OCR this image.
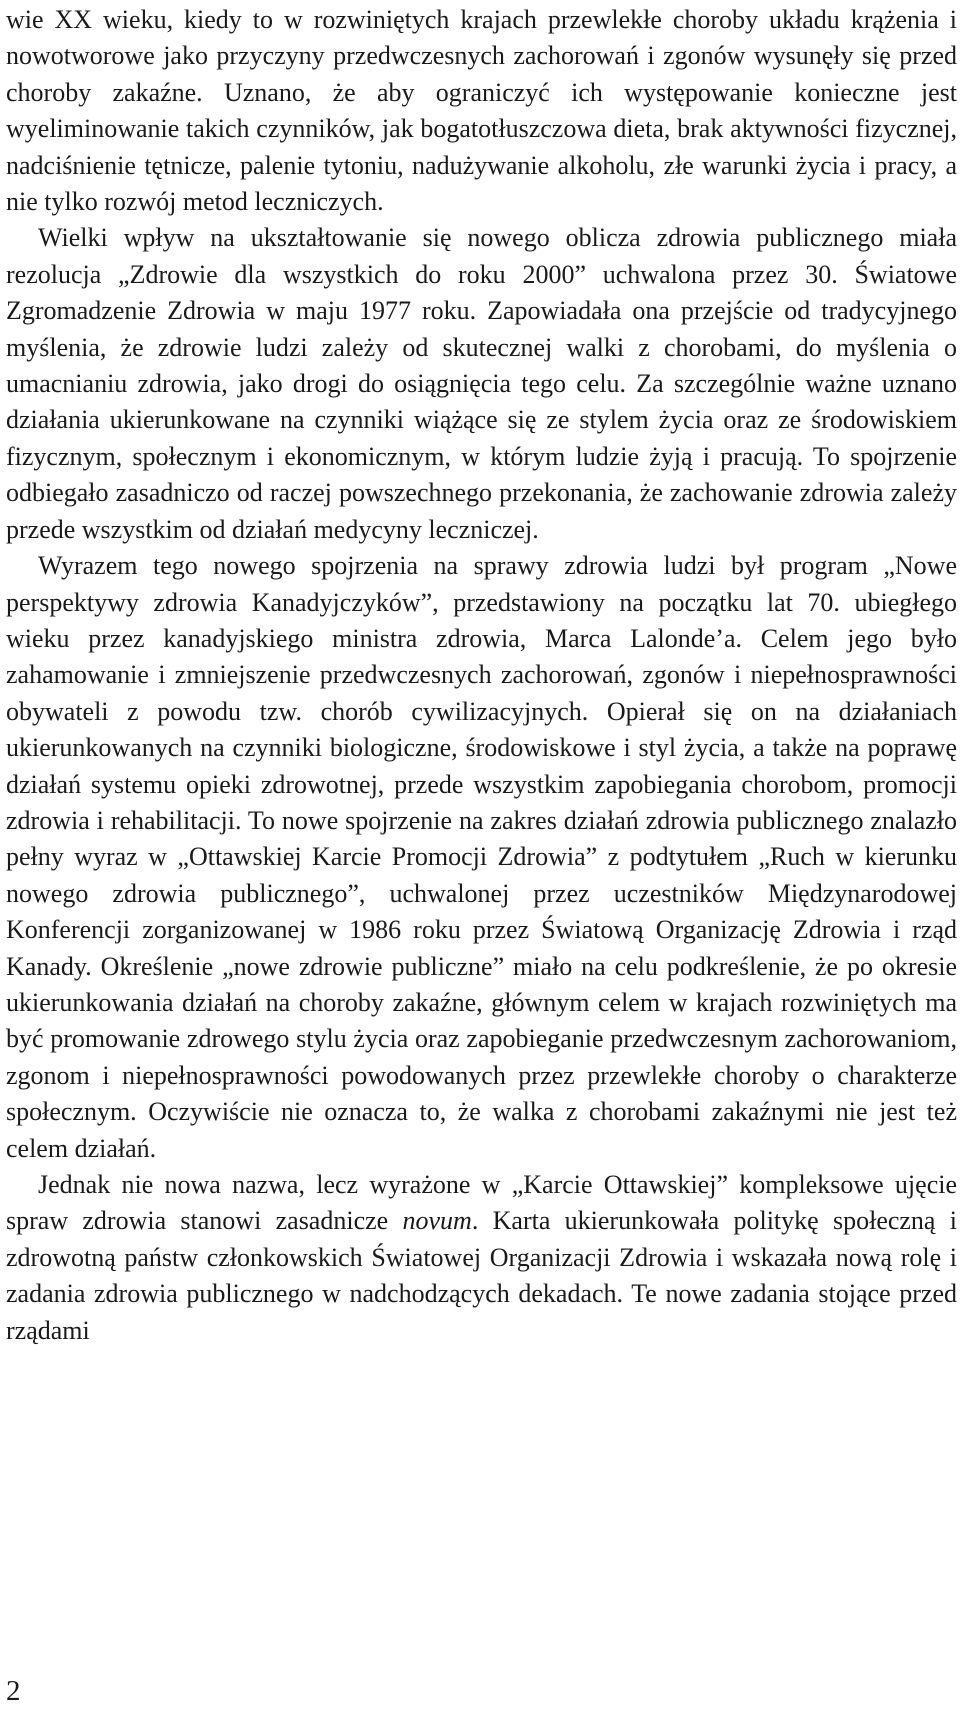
wie XX wieku, kiedy to w rozwiniętych krajach przewlekłe choroby układu krążenia i nowotworowe jako przyczyny przedwczesnych zachorowań i zgonów wysunęły się przed choroby zakaźne. Uznano, że aby ograniczyć ich występowanie konieczne jest wyeliminowanie takich czynników, jak bogatotłuszczowa dieta, brak aktywności fizycznej, nadciśnienie tętnicze, palenie tytoniu, nadużywanie alkoholu, złe warunki życia i pracy, a nie tylko rozwój metod leczniczych.

Wielki wpływ na ukształtowanie się nowego oblicza zdrowia publicznego miała rezolucja „Zdrowie dla wszystkich do roku 2000” uchwalona przez 30. Światowe Zgromadzenie Zdrowia w maju 1977 roku. Zapowiadała ona przejście od tradycyjnego myślenia, że zdrowie ludzi zależy od skutecznej walki z chorobami, do myślenia o umacnianiu zdrowia, jako drogi do osiągnięcia tego celu. Za szczególnie ważne uznano działania ukierunkowane na czynniki wiążące się ze stylem życia oraz ze środowiskiem fizycznym, społecznym i ekonomicznym, w którym ludzie żyją i pracują. To spojrzenie odbiegało zasadniczo od raczej powszechnego przekonania, że zachowanie zdrowia zależy przede wszystkim od działań medycyny leczniczej.

Wyrazem tego nowego spojrzenia na sprawy zdrowia ludzi był program „Nowe perspektywy zdrowia Kanadyjczyków”, przedstawiony na początku lat 70. ubiegłego wieku przez kanadyjskiego ministra zdrowia, Marca Lalonde’a. Celem jego było zahamowanie i zmniejszenie przedwczesnych zachorowań, zgonów i niepełnosprawności obywateli z powodu tzw. chorób cywilizacyjnych. Opierał się on na działaniach ukierunkowanych na czynniki biologiczne, środowiskowe i styl życia, a także na poprawę działań systemu opieki zdrowotnej, przede wszystkim zapobiegania chorobom, promocji zdrowia i rehabilitacji. To nowe spojrzenie na zakres działań zdrowia publicznego znalazło pełny wyraz w „Ottawskiej Karcie Promocji Zdrowia” z podtytułem „Ruch w kierunku nowego zdrowia publicznego”, uchwalonej przez uczestników Międzynarodowej Konferencji zorganizowanej w 1986 roku przez Światową Organizację Zdrowia i rząd Kanady. Określenie „nowe zdrowie publiczne” miało na celu podkreślenie, że po okresie ukierunkowania działań na choroby zakaźne, głównym celem w krajach rozwiniętych ma być promowanie zdrowego stylu życia oraz zapobieganie przedwczesnym zachorowaniom, zgonom i niepełnosprawności powodowanych przez przewlekłe choroby o charakterze społecznym. Oczywiście nie oznacza to, że walka z chorobami zakaźnymi nie jest też celem działań.

Jednak nie nowa nazwa, lecz wyrażone w „Karcie Ottawskiej” kompleksowe ujęcie spraw zdrowia stanowi zasadnicze novum. Karta ukierunkowała politykę społeczną i zdrowotną państw członkowskich Światowej Organizacji Zdrowia i wskazała nową rolę i zadania zdrowia publicznego w nadchodzących dekadach. Te nowe zadania stojące przed rządami

2
